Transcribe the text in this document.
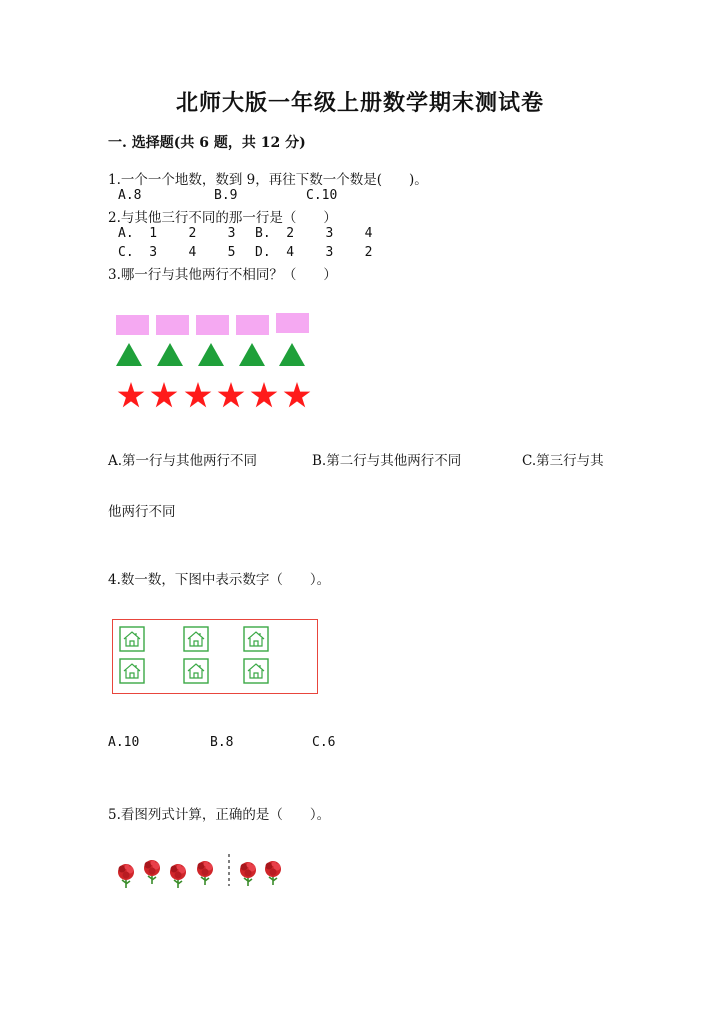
北师大版一年级上册数学期末测试卷
一. 选择题(共 6 题，共 12 分)
1.一个一个地数，数到 9，再往下数一个数是(　　)。
A.8	B.9	C.10
2.与其他三行不同的那一行是（　　）
A.  1    2    3 B.  2    3    4
C.  3    4    5 D.  4    3    2
3.哪一行与其他两行不相同？（　　）
A.第一行与其他两行不同	B.第二行与其他两行不同	C.第三行与其
他两行不同
4.数一数，下图中表示数字（　　）。
A.10	B.8	C.6
5.看图列式计算，正确的是（　　）。
